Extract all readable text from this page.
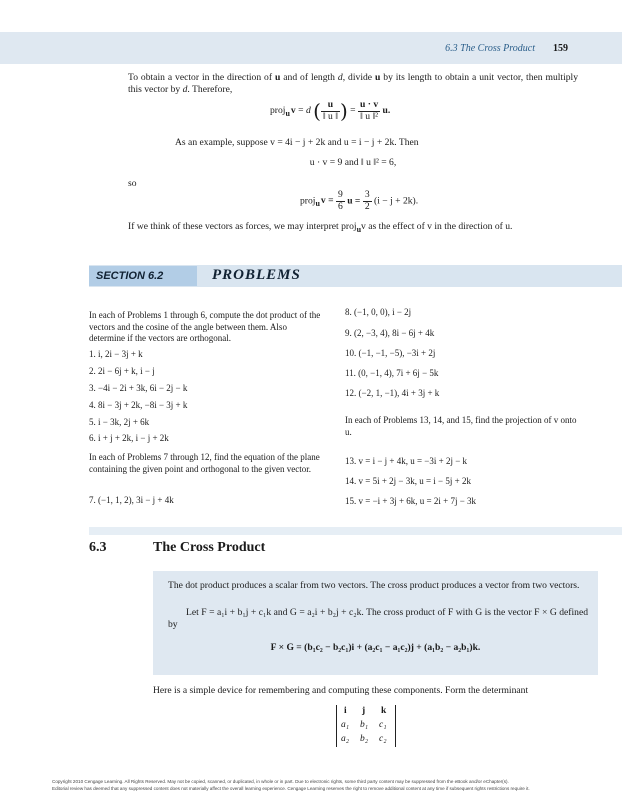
6.3 The Cross Product 159
To obtain a vector in the direction of u and of length d, divide u by its length to obtain a unit vector, then multiply this vector by d. Therefore,
proj$_u$v = d ( $\frac{u}{‖ u ‖}$ ) = $\frac{u \cdot v}{\text{‖ u ‖²}} u$.
As an example, suppose v = 4i − j + 2k and u = i − j + 2k. Then
u · v = 9 and ‖ u ‖² = 6,
so
proj$_u$v = $\frac{9}{6}$ $u = \frac{3}{2} (i - j + 2k)$.
If we think of these vectors as forces, we may interpret proj$_u$v as the effect of v in the direction of u.
SECTION 6.2	PROBLEMS
In each of Problems 1 through 6, compute the dot product of the vectors and the cosine of the angle between them. Also determine if the vectors are orthogonal.
1. i, 2i − 3j + k
2. 2i − 6j + k, i − j
3. −4i − 2i + 3k, 6i − 2j − k
4. 8i − 3j + 2k, −8i − 3j + k
5. i − 3k, 2j + 6k
6. i + j + 2k, i − j + 2k
In each of Problems 7 through 12, find the equation of the plane containing the given point and orthogonal to the given vector.
7. (−1, 1, 2), 3i − j + 4k
8. (−1, 0, 0), i − 2j
9. (2, −3, 4), 8i − 6j + 4k
10. (−1, −1, −5), −3i + 2j
11. (0, −1, 4), 7i + 6j − 5k
12. (−2, 1, −1), 4i + 3j + k
In each of Problems 13, 14, and 15, find the projection of v onto u.
13. v = i − j + 4k, u = −3i + 2j − k
14. v = 5i + 2j − 3k, u = i − 5j + 2k
15. v = −i + 3j + 6k, u = 2i + 7j − 3k
6.3	The Cross Product
The dot product produces a scalar from two vectors. The cross product produces a vector from two vectors.
Let F = a₁i + b₁j + c₁k and G = a₂i + b₂j + c₂k. The cross product of F with G is the vector F × G defined by
F × G = (b₁c₂ − b₂c₁)i + (a₂c₁ − a₁c₂)j + (a₁b₂ − a₂b₁)k.
Here is a simple device for remembering and computing these components. Form the determinant
i j k
a₁ b₁ c₁
a₂ b₂ c₂
Copyright 2010 Cengage Learning. All Rights Reserved. May not be copied, scanned, or duplicated, in whole or in part. Due to electronic rights, some third party content may be suppressed from the eBook and/or eChapter(s).
Editorial review has deemed that any suppressed content does not materially affect the overall learning experience. Cengage Learning reserves the right to remove additional content at any time if subsequent rights restrictions require it.
